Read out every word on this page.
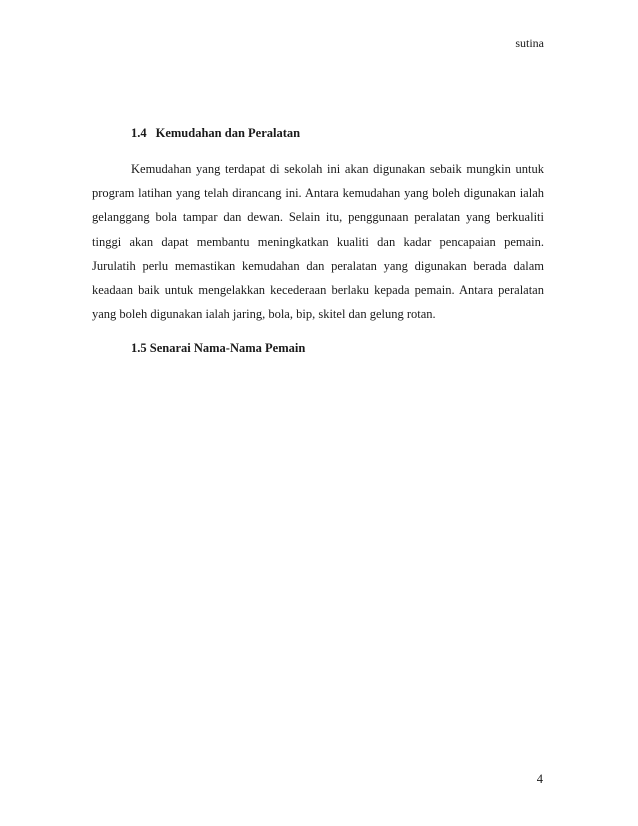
sutina
1.4 Kemudahan dan Peralatan

Kemudahan yang terdapat di sekolah ini akan digunakan sebaik mungkin untuk program latihan yang telah dirancang ini. Antara kemudahan yang boleh digunakan ialah gelanggang bola tampar dan dewan. Selain itu, penggunaan peralatan yang berkualiti tinggi akan dapat membantu meningkatkan kualiti dan kadar pencapaian pemain. Jurulatih perlu memastikan kemudahan dan peralatan yang digunakan berada dalam keadaan baik untuk mengelakkan kecederaan berlaku kepada pemain. Antara peralatan yang boleh digunakan ialah jaring, bola, bip, skitel dan gelung rotan.

1.5 Senarai Nama-Nama Pemain
4
